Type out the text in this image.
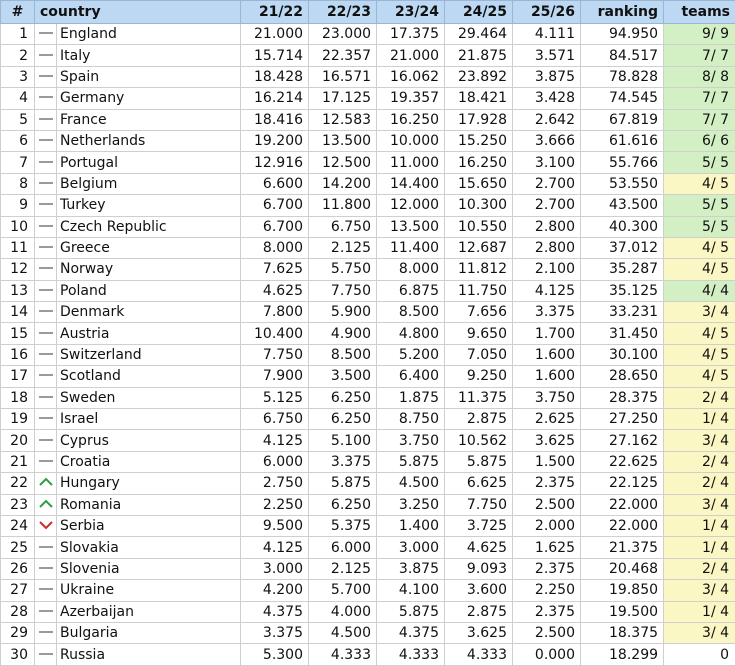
#	country		21/22	22/23	23/24	24/25	25/26	ranking	teams
1		England	21.000	23.000	17.375	29.464	4.111	94.950	9/ 9
2		Italy	15.714	22.357	21.000	21.875	3.571	84.517	7/ 7
3		Spain	18.428	16.571	16.062	23.892	3.875	78.828	8/ 8
4		Germany	16.214	17.125	19.357	18.421	3.428	74.545	7/ 7
5		France	18.416	12.583	16.250	17.928	2.642	67.819	7/ 7
6		Netherlands	19.200	13.500	10.000	15.250	3.666	61.616	6/ 6
7		Portugal	12.916	12.500	11.000	16.250	3.100	55.766	5/ 5
8		Belgium	6.600	14.200	14.400	15.650	2.700	53.550	4/ 5
9		Turkey	6.700	11.800	12.000	10.300	2.700	43.500	5/ 5
10		Czech Republic	6.700	6.750	13.500	10.550	2.800	40.300	5/ 5
11		Greece	8.000	2.125	11.400	12.687	2.800	37.012	4/ 5
12		Norway	7.625	5.750	8.000	11.812	2.100	35.287	4/ 5
13		Poland	4.625	7.750	6.875	11.750	4.125	35.125	4/ 4
14		Denmark	7.800	5.900	8.500	7.656	3.375	33.231	3/ 4
15		Austria	10.400	4.900	4.800	9.650	1.700	31.450	4/ 5
16		Switzerland	7.750	8.500	5.200	7.050	1.600	30.100	4/ 5
17		Scotland	7.900	3.500	6.400	9.250	1.600	28.650	4/ 5
18		Sweden	5.125	6.250	1.875	11.375	3.750	28.375	2/ 4
19		Israel	6.750	6.250	8.750	2.875	2.625	27.250	1/ 4
20		Cyprus	4.125	5.100	3.750	10.562	3.625	27.162	3/ 4
21		Croatia	6.000	3.375	5.875	5.875	1.500	22.625	2/ 4
22		Hungary	2.750	5.875	4.500	6.625	2.375	22.125	2/ 4
23		Romania	2.250	6.250	3.250	7.750	2.500	22.000	3/ 4
24		Serbia	9.500	5.375	1.400	3.725	2.000	22.000	1/ 4
25		Slovakia	4.125	6.000	3.000	4.625	1.625	21.375	1/ 4
26		Slovenia	3.000	2.125	3.875	9.093	2.375	20.468	2/ 4
27		Ukraine	4.200	5.700	4.100	3.600	2.250	19.850	3/ 4
28		Azerbaijan	4.375	4.000	5.875	2.875	2.375	19.500	1/ 4
29		Bulgaria	3.375	4.500	4.375	3.625	2.500	18.375	3/ 4
30		Russia	5.300	4.333	4.333	4.333	0.000	18.299	0
